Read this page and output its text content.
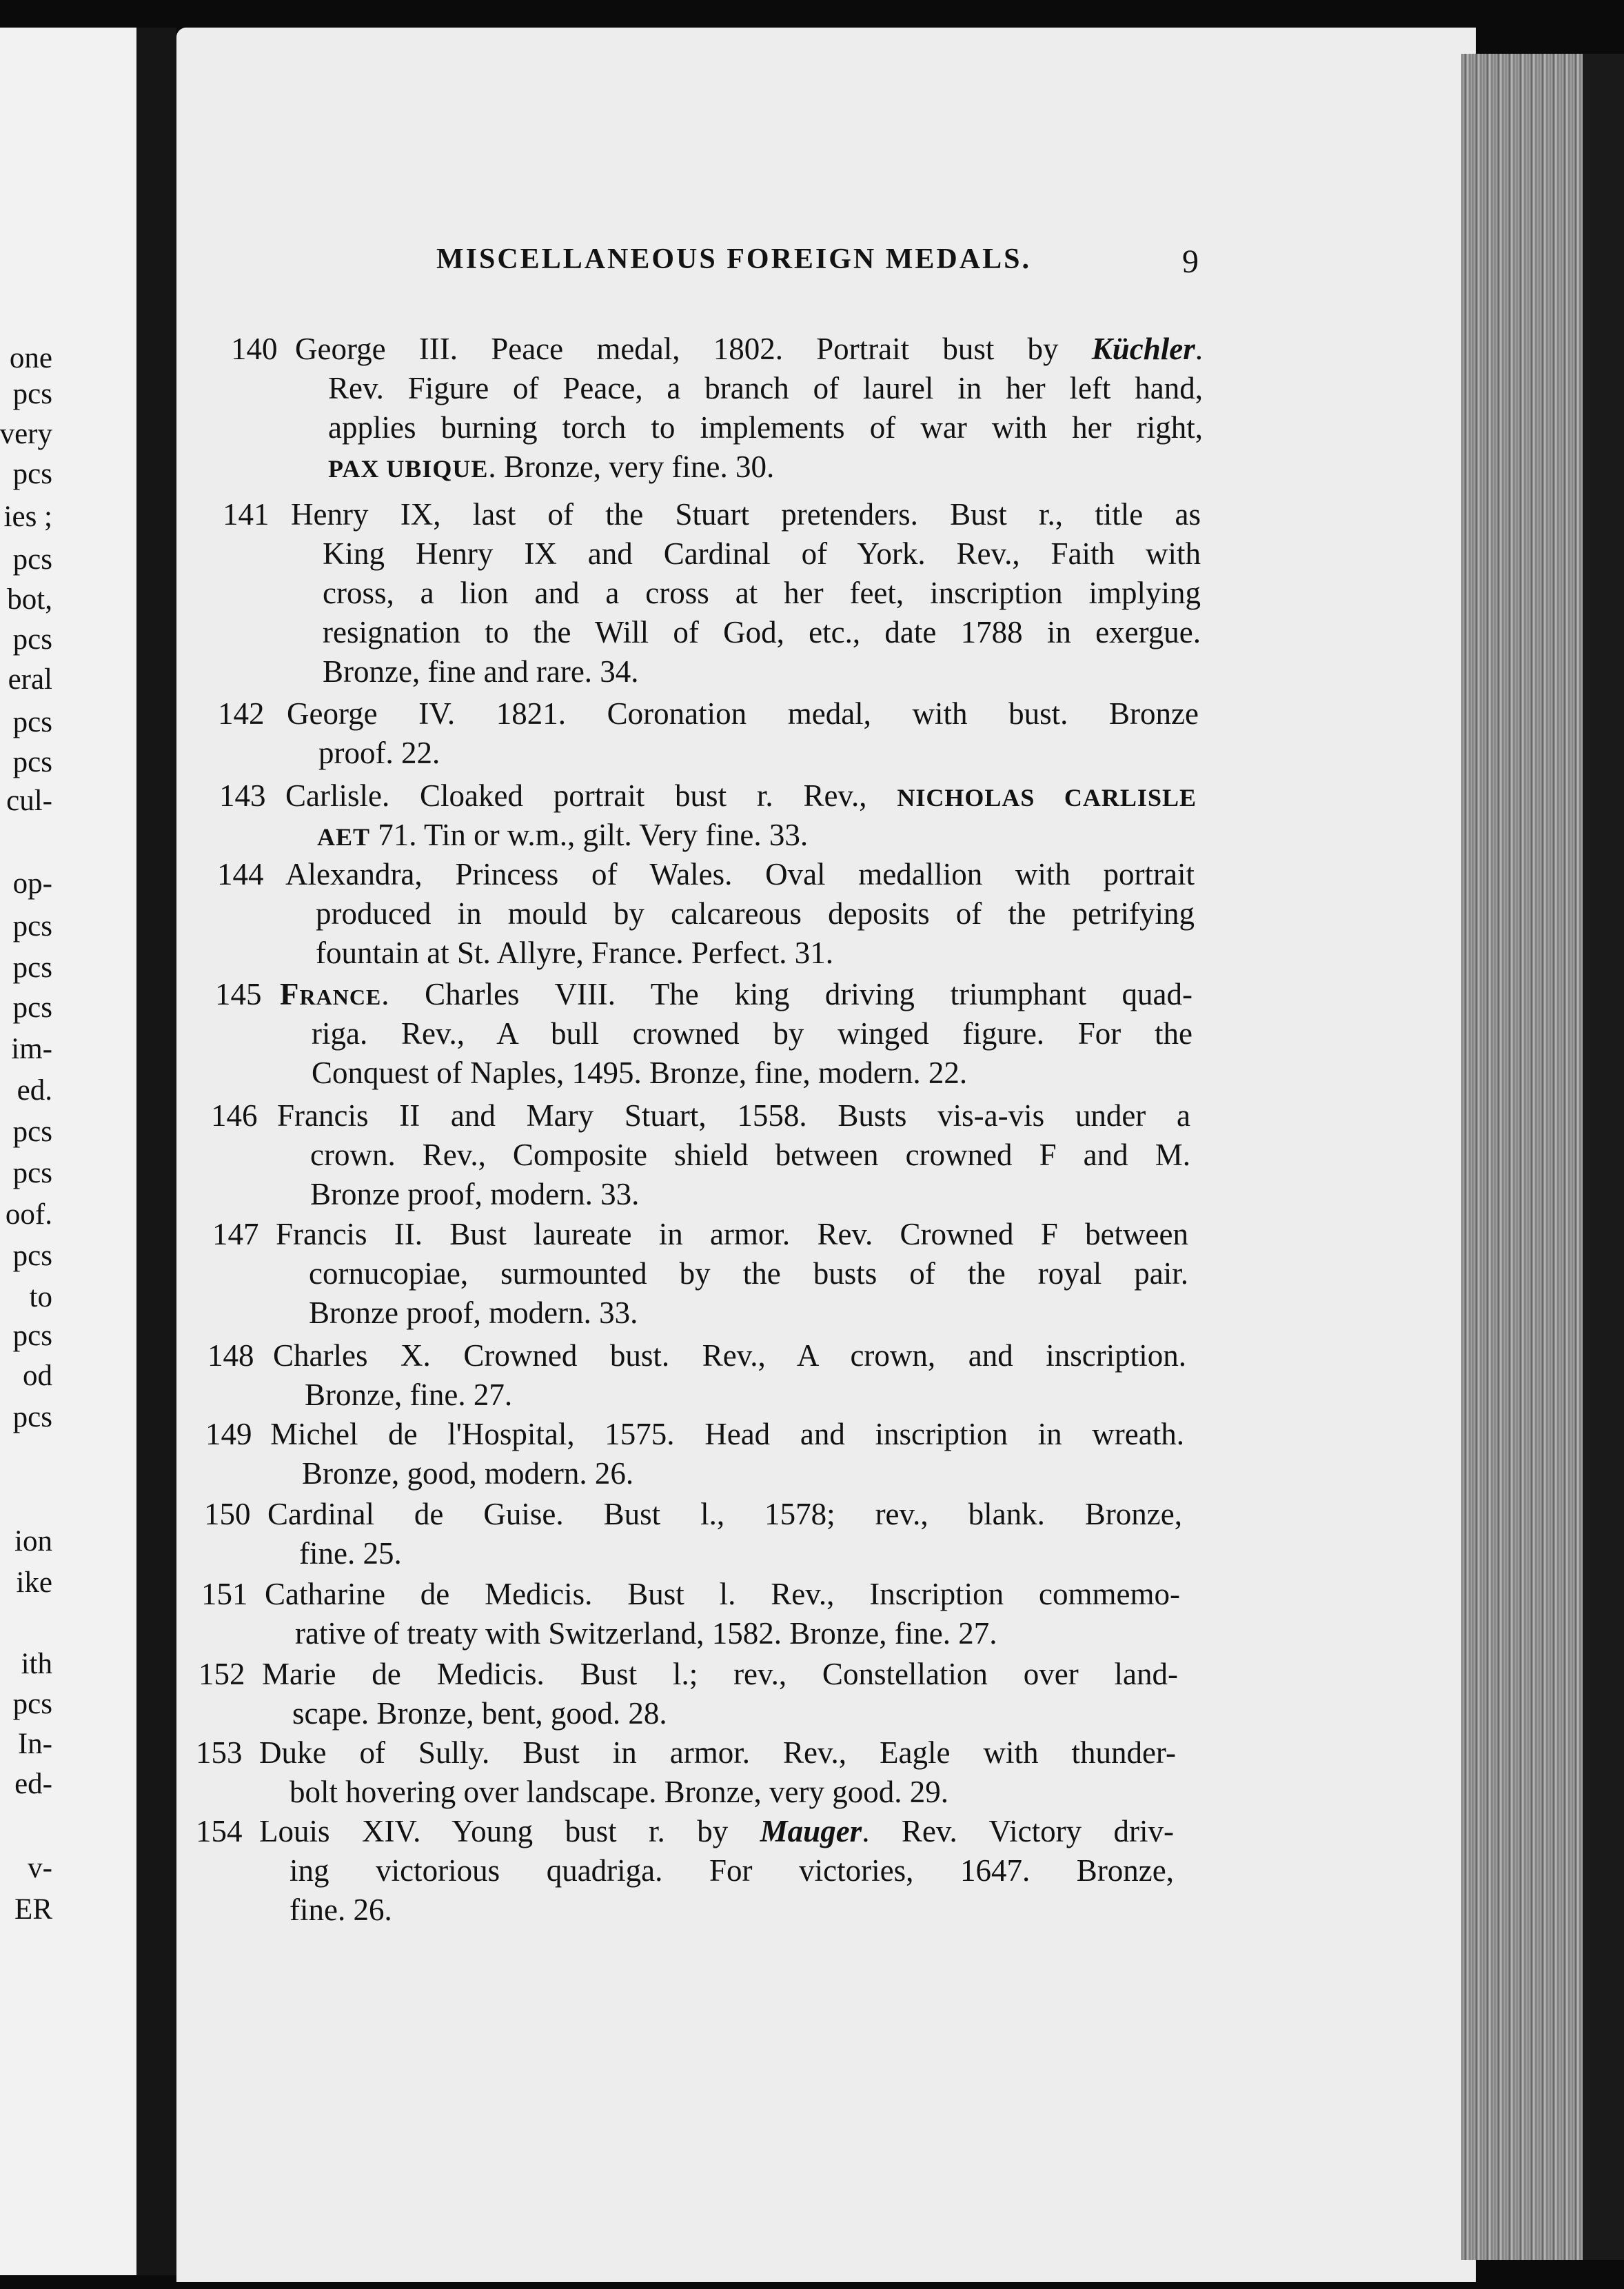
one
pcs
very
pcs
ies ;
pcs
bot,
pcs
eral
pcs
pcs
cul-
op-
pcs
pcs
pcs
im-
ed.
pcs
pcs
oof.
pcs
to
pcs
od
pcs
ion
ike
ith
pcs
In-
ed-
v-
ER
MISCELLANEOUS FOREIGN MEDALS.	9
140 George III. Peace medal, 1802. Portrait bust by Küchler.
Rev. Figure of Peace, a branch of laurel in her left hand,
applies burning torch to implements of war with her right,
PAX UBIQUE. Bronze, very fine. 30.
141 Henry IX, last of the Stuart pretenders. Bust r., title as
King Henry IX and Cardinal of York. Rev., Faith with
cross, a lion and a cross at her feet, inscription implying
resignation to the Will of God, etc., date 1788 in exergue.
Bronze, fine and rare. 34.
142 George IV. 1821. Coronation medal, with bust. Bronze
proof. 22.
143 Carlisle. Cloaked portrait bust r. Rev., NICHOLAS CARLISLE
AET 71. Tin or w.m., gilt. Very fine. 33.
144 Alexandra, Princess of Wales. Oval medallion with portrait
produced in mould by calcareous deposits of the petrifying
fountain at St. Allyre, France. Perfect. 31.
145 France. Charles VIII. The king driving triumphant quad-
riga. Rev., A bull crowned by winged figure. For the
Conquest of Naples, 1495. Bronze, fine, modern. 22.
146 Francis II and Mary Stuart, 1558. Busts vis-a-vis under a
crown. Rev., Composite shield between crowned F and M.
Bronze proof, modern. 33.
147 Francis II. Bust laureate in armor. Rev. Crowned F between
cornucopiae, surmounted by the busts of the royal pair.
Bronze proof, modern. 33.
148 Charles X. Crowned bust. Rev., A crown, and inscription.
Bronze, fine. 27.
149 Michel de l'Hospital, 1575. Head and inscription in wreath.
Bronze, good, modern. 26.
150 Cardinal de Guise. Bust l., 1578; rev., blank. Bronze,
fine. 25.
151 Catharine de Medicis. Bust l. Rev., Inscription commemo-
rative of treaty with Switzerland, 1582. Bronze, fine. 27.
152 Marie de Medicis. Bust l.; rev., Constellation over land-
scape. Bronze, bent, good. 28.
153 Duke of Sully. Bust in armor. Rev., Eagle with thunder-
bolt hovering over landscape. Bronze, very good. 29.
154 Louis XIV. Young bust r. by Mauger. Rev. Victory driv-
ing victorious quadriga. For victories, 1647. Bronze,
fine. 26.
